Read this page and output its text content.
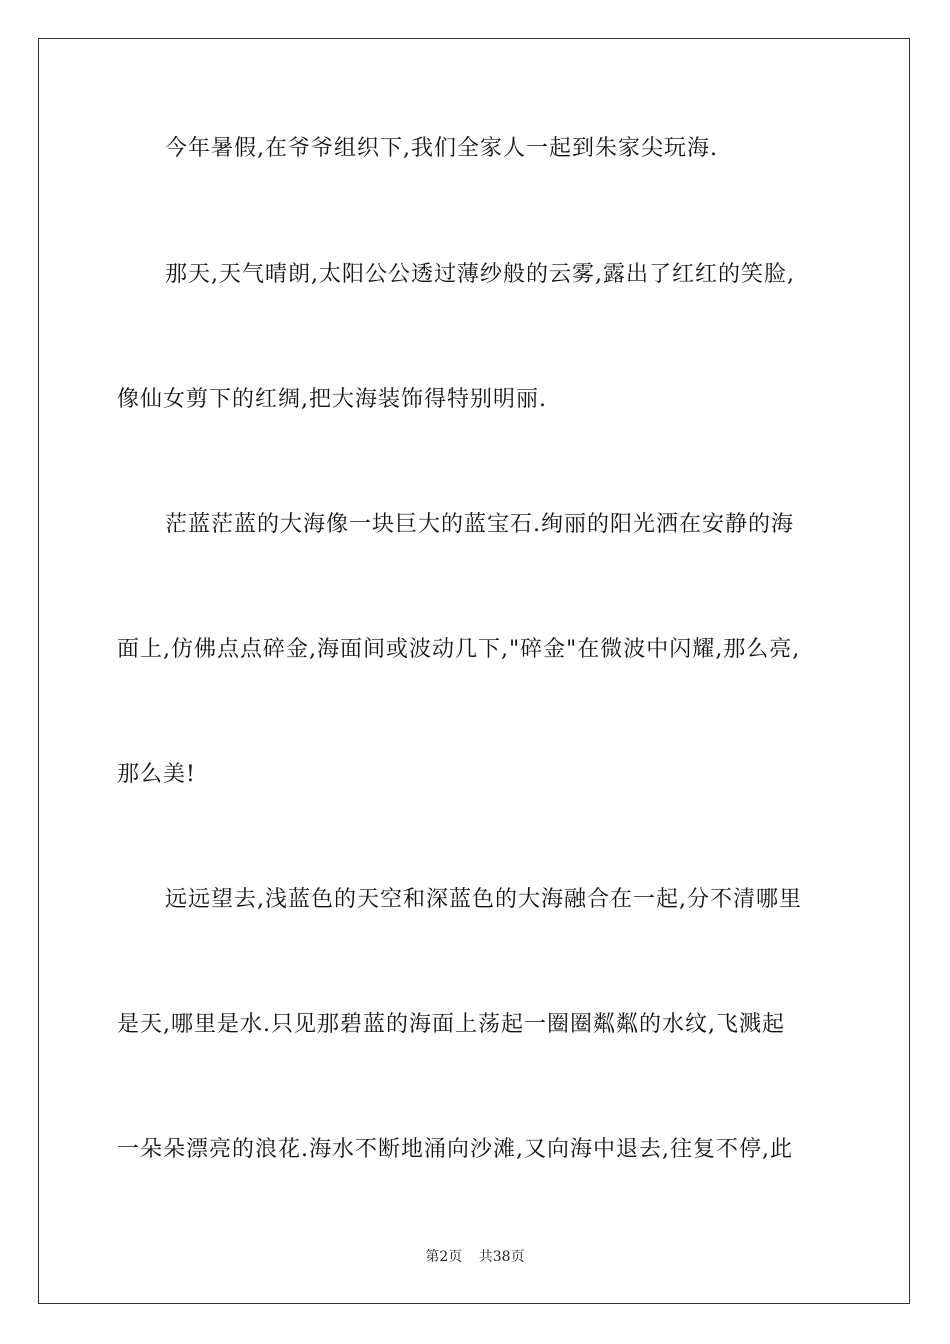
今年暑假,在爷爷组织下,我们全家人一起到朱家尖玩海.
那天,天气晴朗,太阳公公透过薄纱般的云雾,露出了红红的笑脸,
像仙女剪下的红绸,把大海装饰得特别明丽.
茫蓝茫蓝的大海像一块巨大的蓝宝石.绚丽的阳光洒在安静的海
面上,仿佛点点碎金,海面间或波动几下,"碎金"在微波中闪耀,那么亮,
那么美!
远远望去,浅蓝色的天空和深蓝色的大海融合在一起,分不清哪里
是天,哪里是水.只见那碧蓝的海面上荡起一圈圈粼粼的水纹,飞溅起
一朵朵漂亮的浪花.海水不断地涌向沙滩,又向海中退去,往复不停,此
第2页 共38页
